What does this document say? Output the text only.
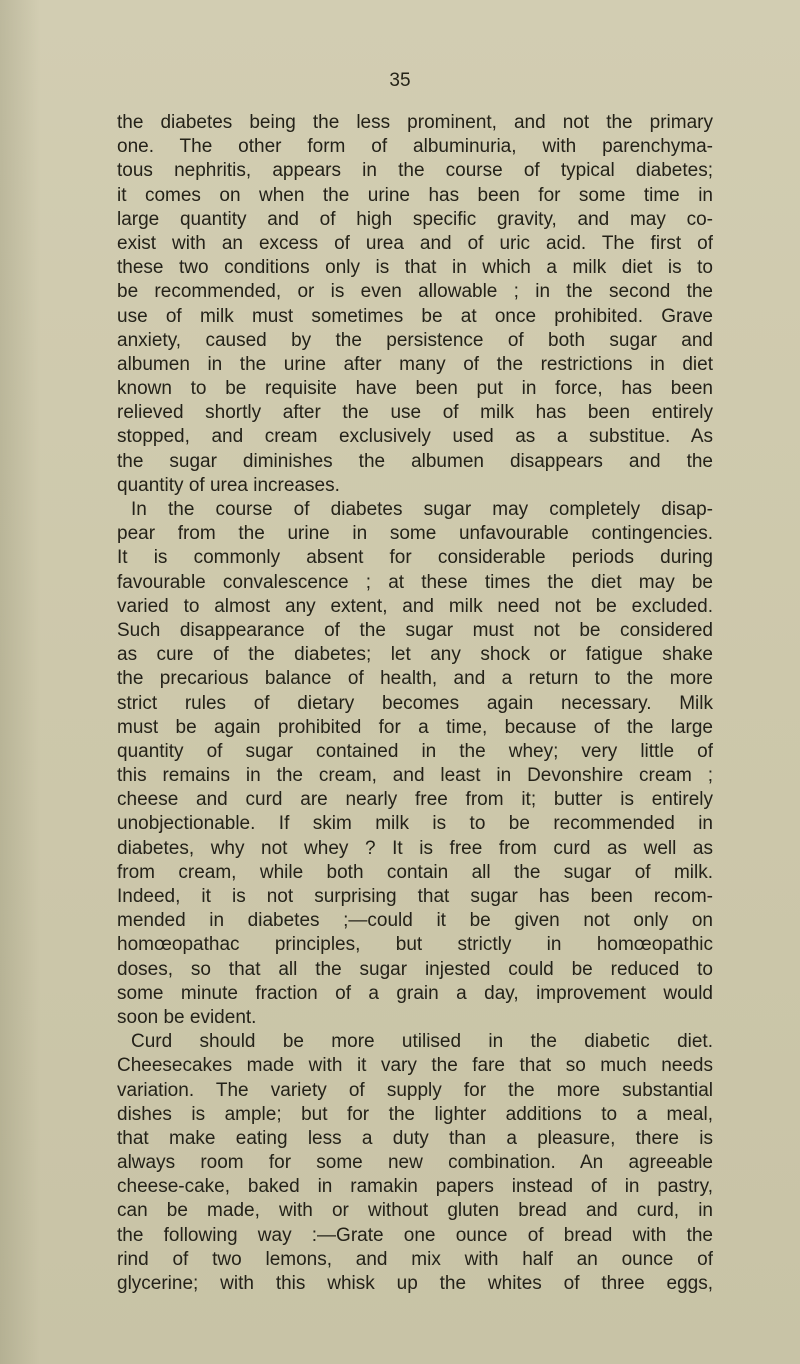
35
the diabetes being the less prominent, and not the primary
one. The other form of albuminuria, with parenchyma-
tous nephritis, appears in the course of typical diabetes;
it comes on when the urine has been for some time in
large quantity and of high specific gravity, and may co-
exist with an excess of urea and of uric acid. The first of
these two conditions only is that in which a milk diet is to
be recommended, or is even allowable ; in the second the
use of milk must sometimes be at once prohibited. Grave
anxiety, caused by the persistence of both sugar and
albumen in the urine after many of the restrictions in diet
known to be requisite have been put in force, has been
relieved shortly after the use of milk has been entirely
stopped, and cream exclusively used as a substitue. As
the sugar diminishes the albumen disappears and the
quantity of urea increases.
In the course of diabetes sugar may completely disap-
pear from the urine in some unfavourable contingencies.
It is commonly absent for considerable periods during
favourable convalescence ; at these times the diet may be
varied to almost any extent, and milk need not be excluded.
Such disappearance of the sugar must not be considered
as cure of the diabetes; let any shock or fatigue shake
the precarious balance of health, and a return to the more
strict rules of dietary becomes again necessary. Milk
must be again prohibited for a time, because of the large
quantity of sugar contained in the whey; very little of
this remains in the cream, and least in Devonshire cream ;
cheese and curd are nearly free from it; butter is entirely
unobjectionable. If skim milk is to be recommended in
diabetes, why not whey ? It is free from curd as well as
from cream, while both contain all the sugar of milk.
Indeed, it is not surprising that sugar has been recom-
mended in diabetes ;—could it be given not only on
homœopathac principles, but strictly in homœopathic
doses, so that all the sugar injested could be reduced to
some minute fraction of a grain a day, improvement would
soon be evident.
Curd should be more utilised in the diabetic diet.
Cheesecakes made with it vary the fare that so much needs
variation. The variety of supply for the more substantial
dishes is ample; but for the lighter additions to a meal,
that make eating less a duty than a pleasure, there is
always room for some new combination. An agreeable
cheese-cake, baked in ramakin papers instead of in pastry,
can be made, with or without gluten bread and curd, in
the following way :—Grate one ounce of bread with the
rind of two lemons, and mix with half an ounce of
glycerine; with this whisk up the whites of three eggs,
